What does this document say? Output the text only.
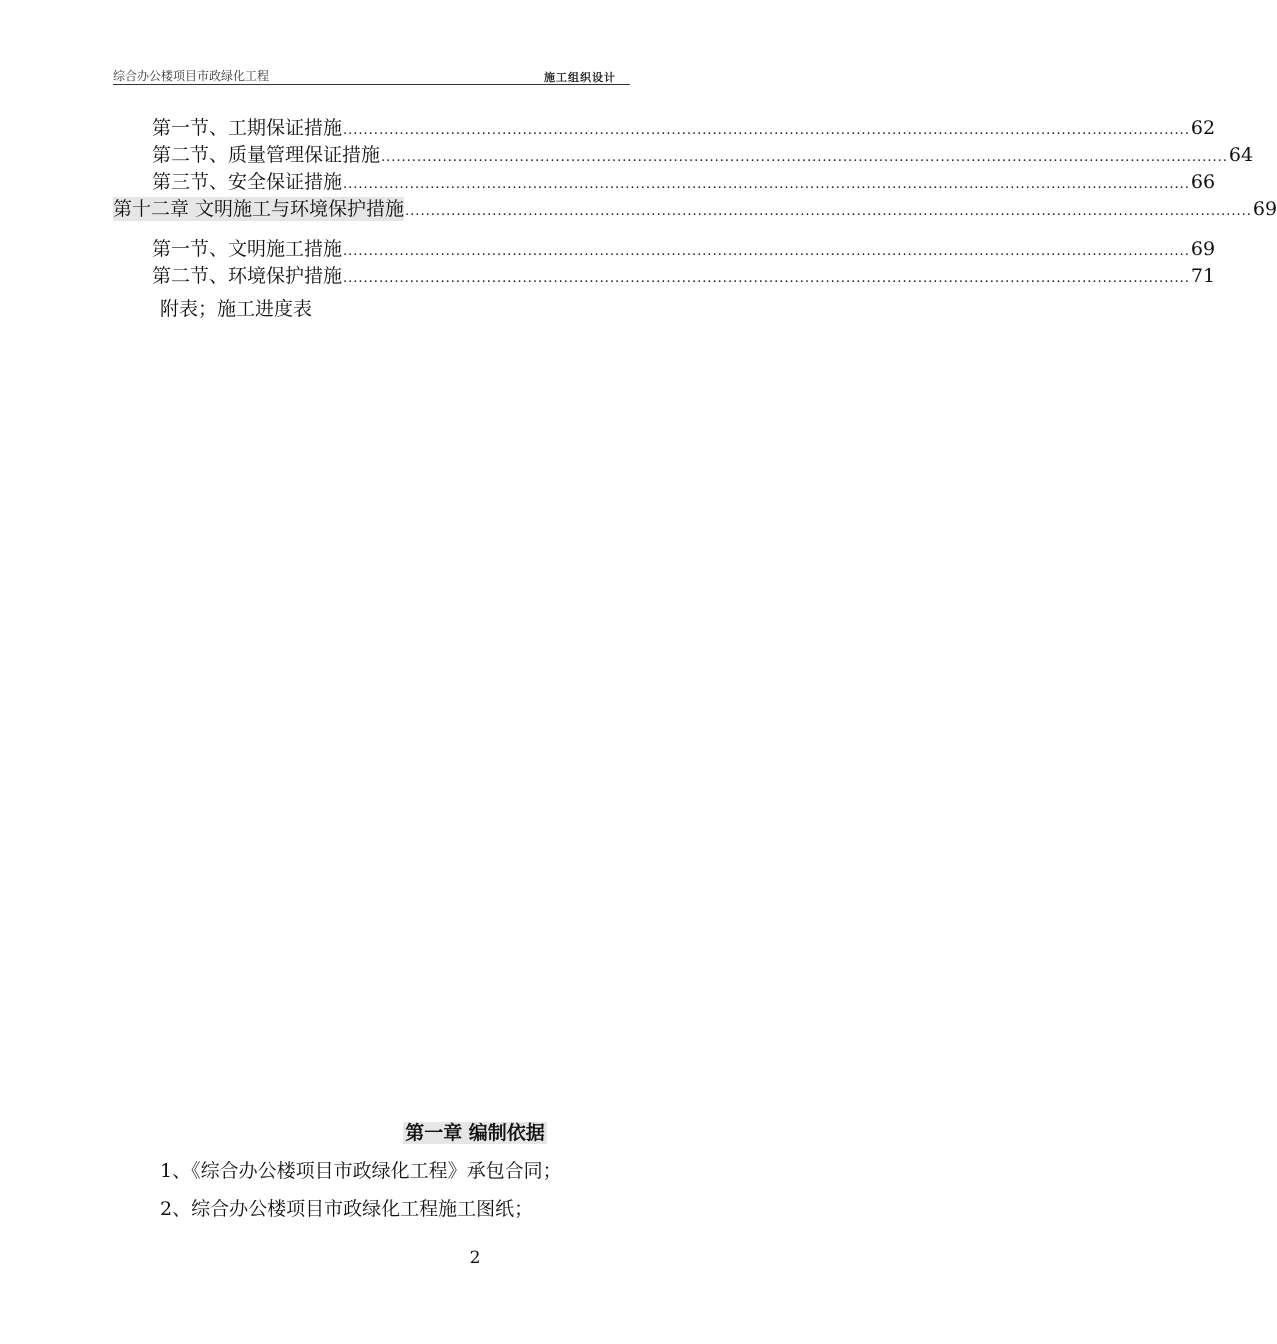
综合办公楼项目市政绿化工程	施工组织设计
第一节、工期保证措施 ..................................................................................................................................................................... 62
第二节、质量管理保证措施 ..................................................................................................................................................................... 64
第三节、安全保证措施 ..................................................................................................................................................................... 66
第十二章 文明施工与环境保护措施 ..................................................................................................................................................................... 69
第一节、文明施工措施 ..................................................................................................................................................................... 69
第二节、环境保护措施 ..................................................................................................................................................................... 71
附表；施工进度表
第一章 编制依据
1、《综合办公楼项目市政绿化工程》承包合同；
2、综合办公楼项目市政绿化工程施工图纸；
2
